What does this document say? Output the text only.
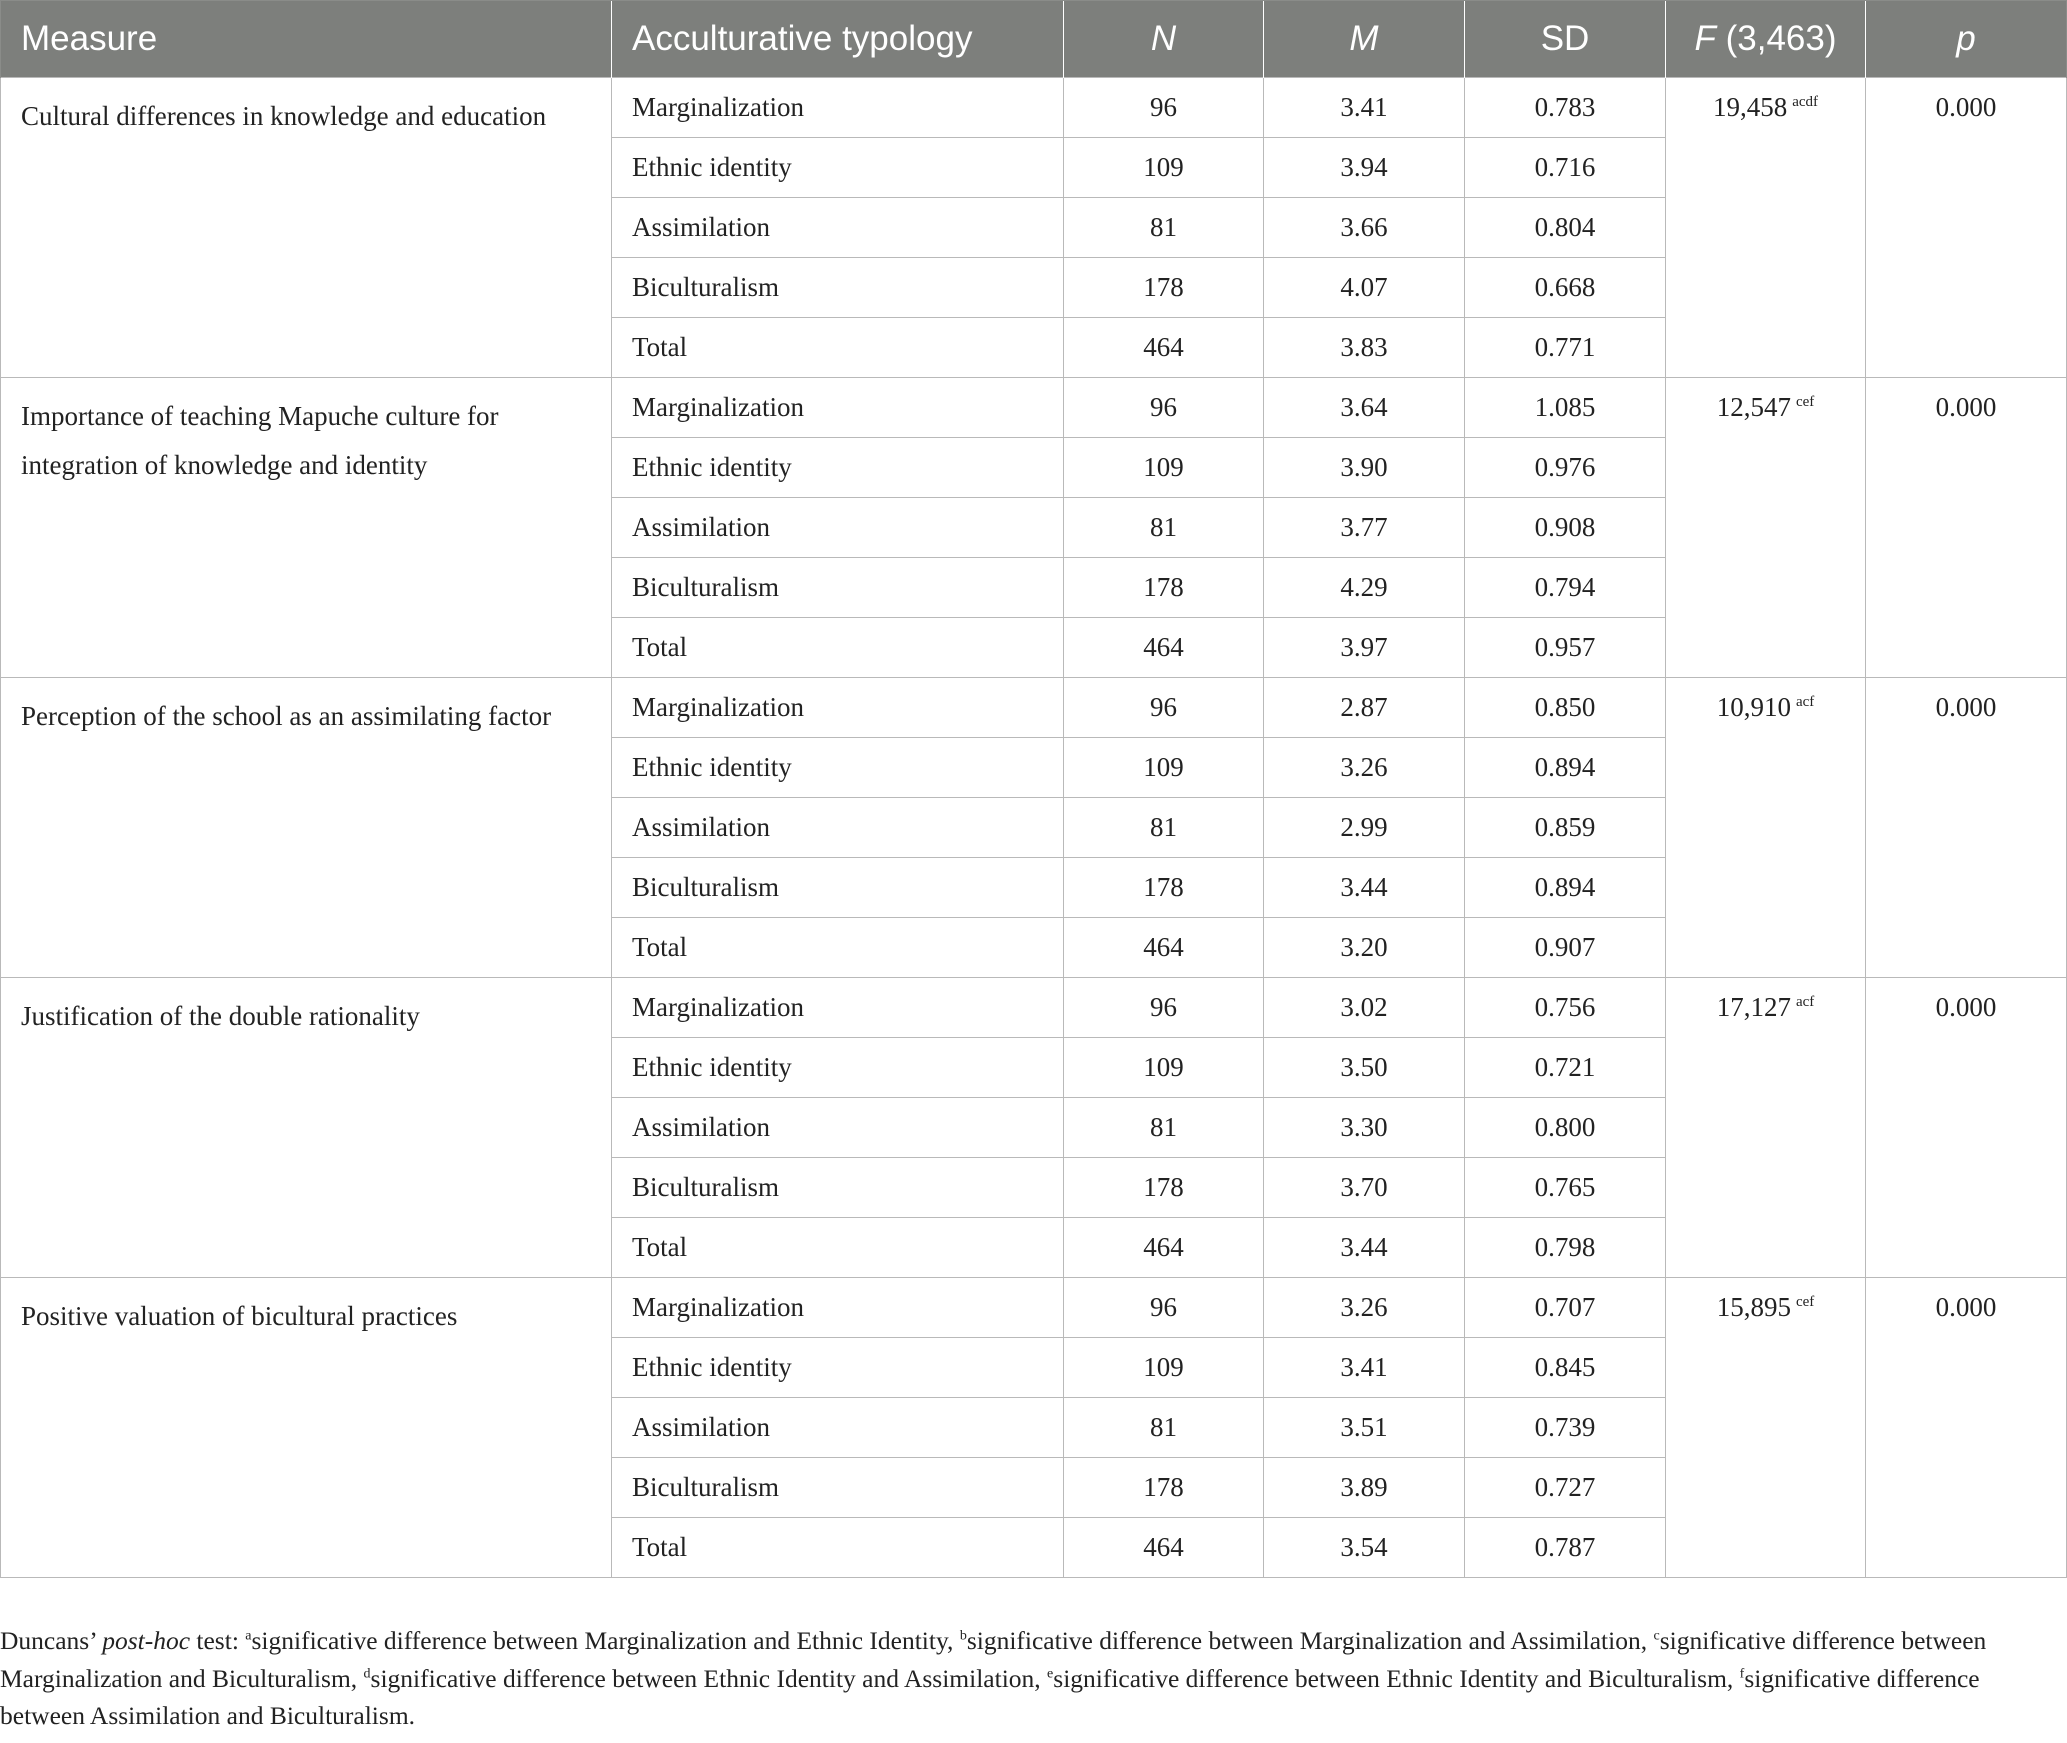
Measure	Acculturative typology	N	M	SD	F (3,463)	p
Cultural differences in knowledge and education	Marginalization	96	3.41	0.783	19,458 $^{acdf}$	0.000
	Ethnic identity	109	3.94	0.716		
	Assimilation	81	3.66	0.804		
	Biculturalism	178	4.07	0.668		
	Total	464	3.83	0.771		
Importance of teaching Mapuche culture for integration of knowledge and identity	Marginalization	96	3.64	1.085	12,547 $^{cef}$	0.000
	Ethnic identity	109	3.90	0.976		
	Assimilation	81	3.77	0.908		
	Biculturalism	178	4.29	0.794		
	Total	464	3.97	0.957		
Perception of the school as an assimilating factor	Marginalization	96	2.87	0.850	10,910 $^{acf}$	0.000
	Ethnic identity	109	3.26	0.894		
	Assimilation	81	2.99	0.859		
	Biculturalism	178	3.44	0.894		
	Total	464	3.20	0.907		
Justification of the double rationality	Marginalization	96	3.02	0.756	17,127 $^{acf}$	0.000
	Ethnic identity	109	3.50	0.721		
	Assimilation	81	3.30	0.800		
	Biculturalism	178	3.70	0.765		
	Total	464	3.44	0.798		
Positive valuation of bicultural practices	Marginalization	96	3.26	0.707	15,895 $^{cef}$	0.000
	Ethnic identity	109	3.41	0.845		
	Assimilation	81	3.51	0.739		
	Biculturalism	178	3.89	0.727		
	Total	464	3.54	0.787		
Duncans’ post-hoc test: $^a$significative difference between Marginalization and Ethnic Identity, $^b$significative difference between Marginalization and Assimilation, $^c$significative difference between Marginalization and Biculturalism, $^d$significative difference between Ethnic Identity and Assimilation, $^e$significative difference between Ethnic Identity and Biculturalism, $^f$significative difference between Assimilation and Biculturalism.
